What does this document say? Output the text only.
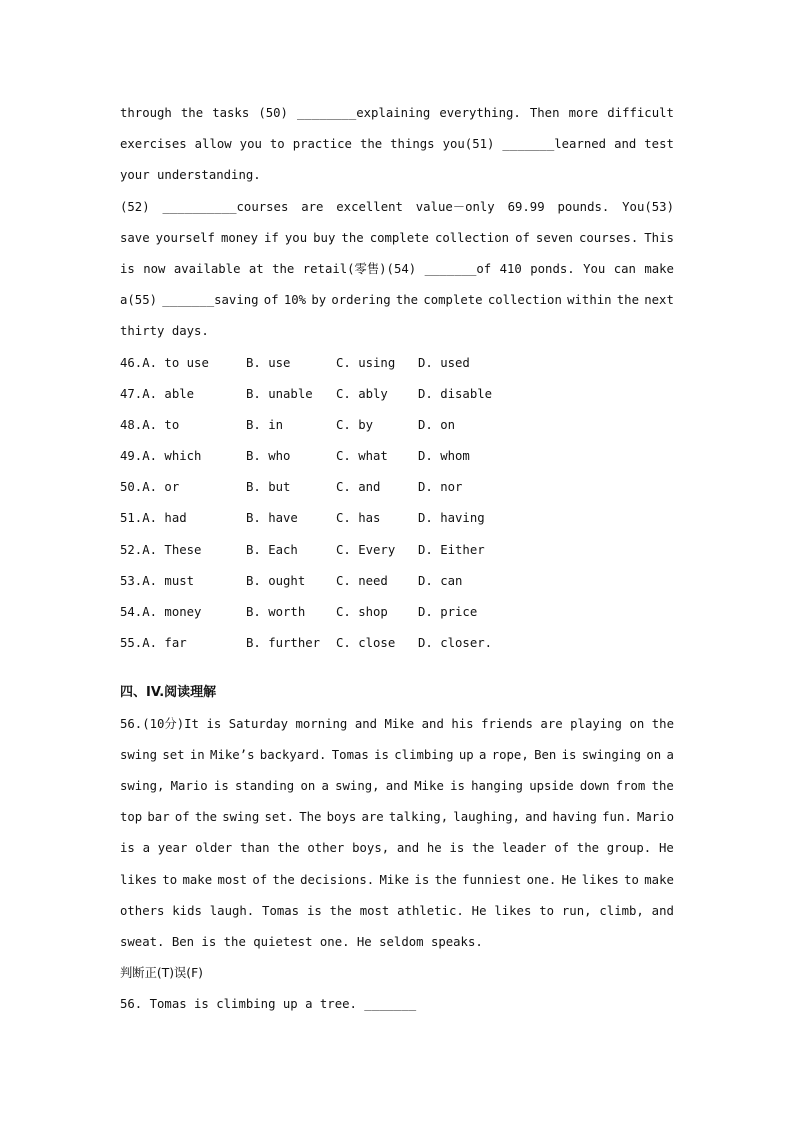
through the tasks (50) ________explaining everything. Then more difficult
exercises allow you to practice the things you(51) _______learned and test
your understanding.
(52) __________courses are excellent value－only 69.99 pounds. You(53)
save yourself money if you buy the complete collection of seven courses. This
is now available at the retail(零售)(54) _______of 410 ponds. You can make
a(55) _______saving of 10% by ordering the complete collection within the next
thirty days.
46.A. to use	B. use	C. using	D. used
47.A. able	B. unable	C. ably	D. disable
48.A. to	B. in	C. by	D. on
49.A. which	B. who	C. what	D. whom
50.A. or	B. but	C. and	D. nor
51.A. had	B. have	C. has	D. having
52.A. These	B. Each	C. Every	D. Either
53.A. must	B. ought	C. need	D. can
54.A. money	B. worth	C. shop	D. price
55.A. far	B. further	C. close	D. closer.
四、IV.阅读理解
56.(10分)It is Saturday morning and Mike and his friends are playing on the
swing set in Mike’s backyard. Tomas is climbing up a rope, Ben is swinging on a
swing, Mario is standing on a swing, and Mike is hanging upside down from the
top bar of the swing set. The boys are talking, laughing, and having fun. Mario
is a year older than the other boys, and he is the leader of the group. He
likes to make most of the decisions. Mike is the funniest one. He likes to make
others kids laugh. Tomas is the most athletic. He likes to run, climb, and
sweat. Ben is the quietest one. He seldom speaks.
判断正(T)误(F)
56. Tomas is climbing up a tree. _______
